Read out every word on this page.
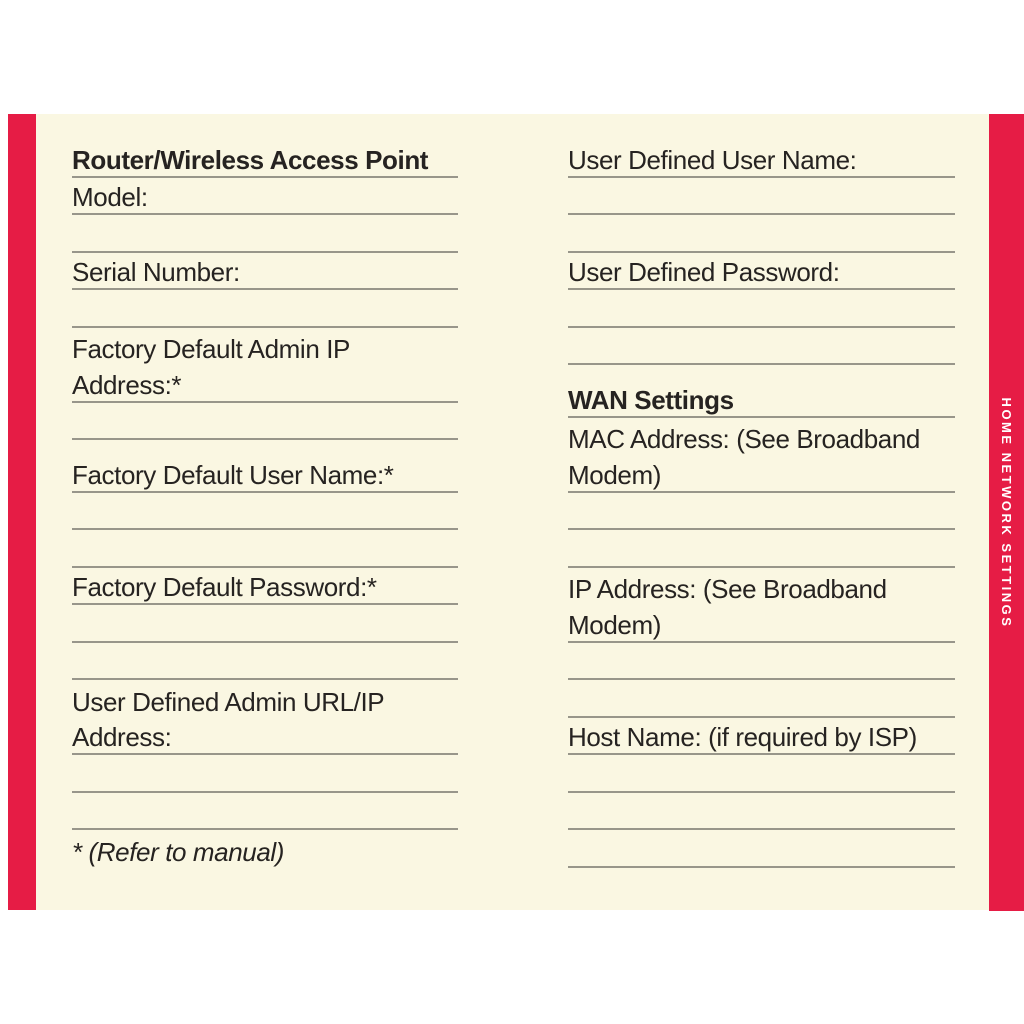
Router/Wireless Access Point
Model:
Serial Number:
Factory Default Admin IP
Address:*
Factory Default User Name:*
Factory Default Password:*
User Defined Admin URL/IP
Address:
* (Refer to manual)
User Defined User Name:
User Defined Password:
WAN Settings
MAC Address: (See Broadband
Modem)
IP Address: (See Broadband
Modem)
Host Name: (if required by ISP)
HOME NETWORK SETTINGS
